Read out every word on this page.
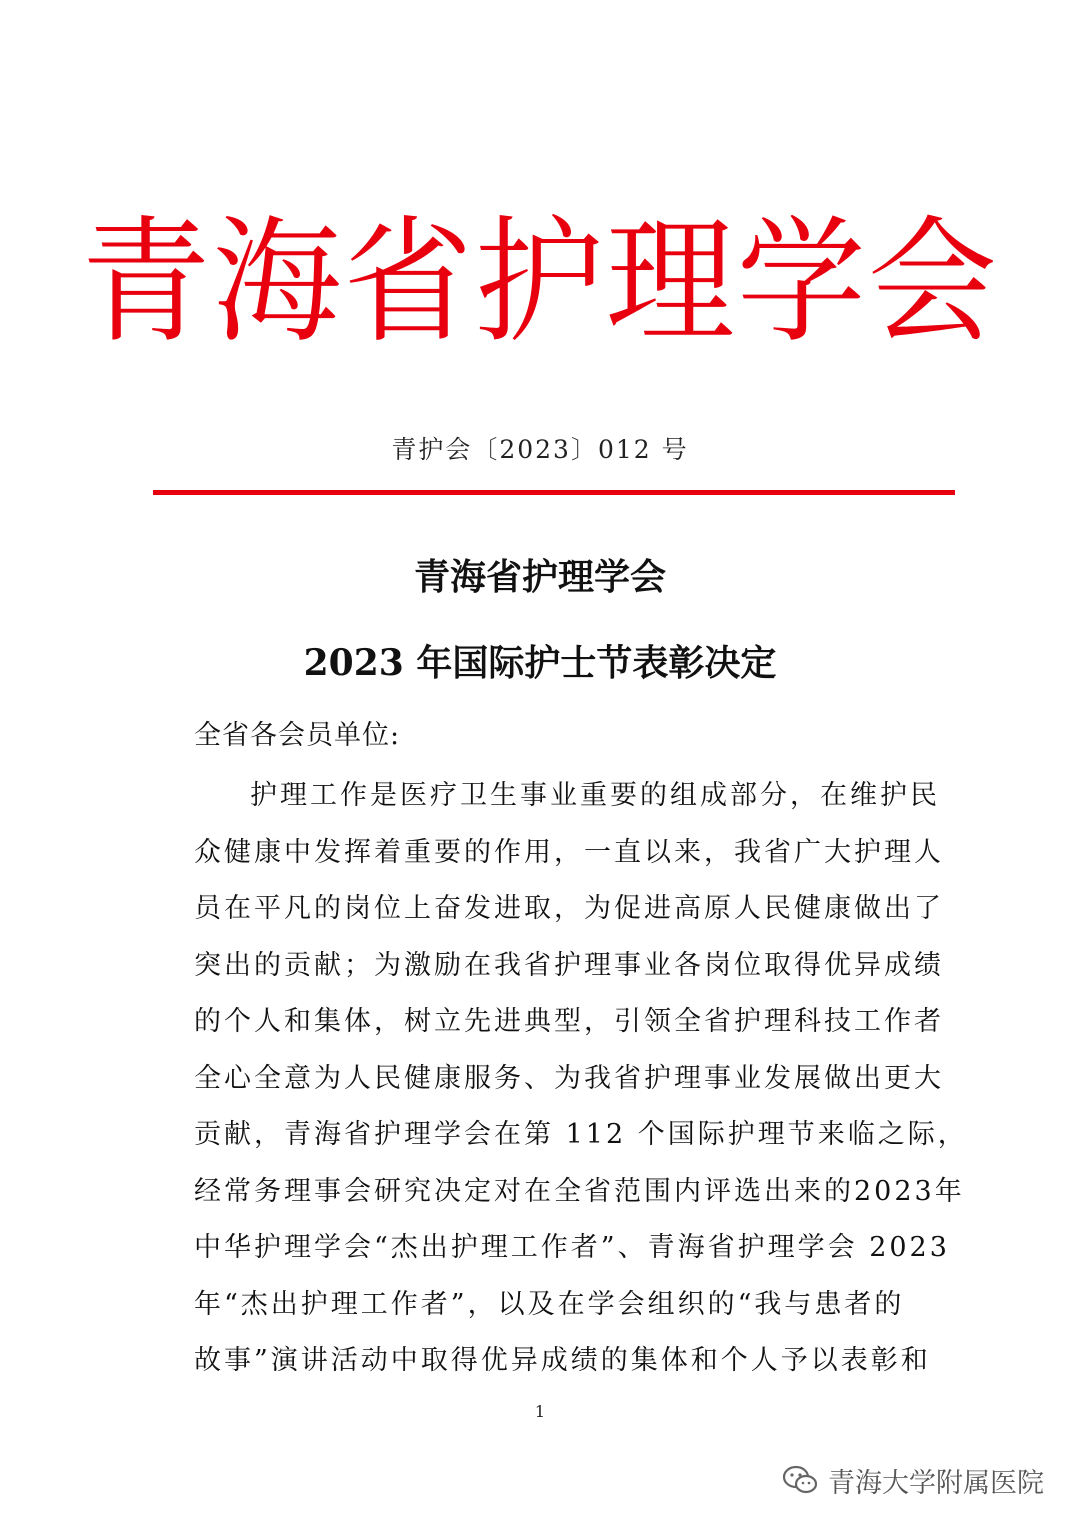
青海省护理学会
青护会〔2023〕012 号
青海省护理学会
2023 年国际护士节表彰决定
全省各会员单位:
护理工作是医疗卫生事业重要的组成部分，在维护民
众健康中发挥着重要的作用，一直以来，我省广大护理人
员在平凡的岗位上奋发进取，为促进高原人民健康做出了
突出的贡献；为激励在我省护理事业各岗位取得优异成绩
的个人和集体，树立先进典型，引领全省护理科技工作者
全心全意为人民健康服务、为我省护理事业发展做出更大
贡献，青海省护理学会在第 112 个国际护理节来临之际，
经常务理事会研究决定对在全省范围内评选出来的2023年
中华护理学会“杰出护理工作者”、青海省护理学会 2023
年“杰出护理工作者”，以及在学会组织的“我与患者的
故事”演讲活动中取得优异成绩的集体和个人予以表彰和
1
青海大学附属医院
